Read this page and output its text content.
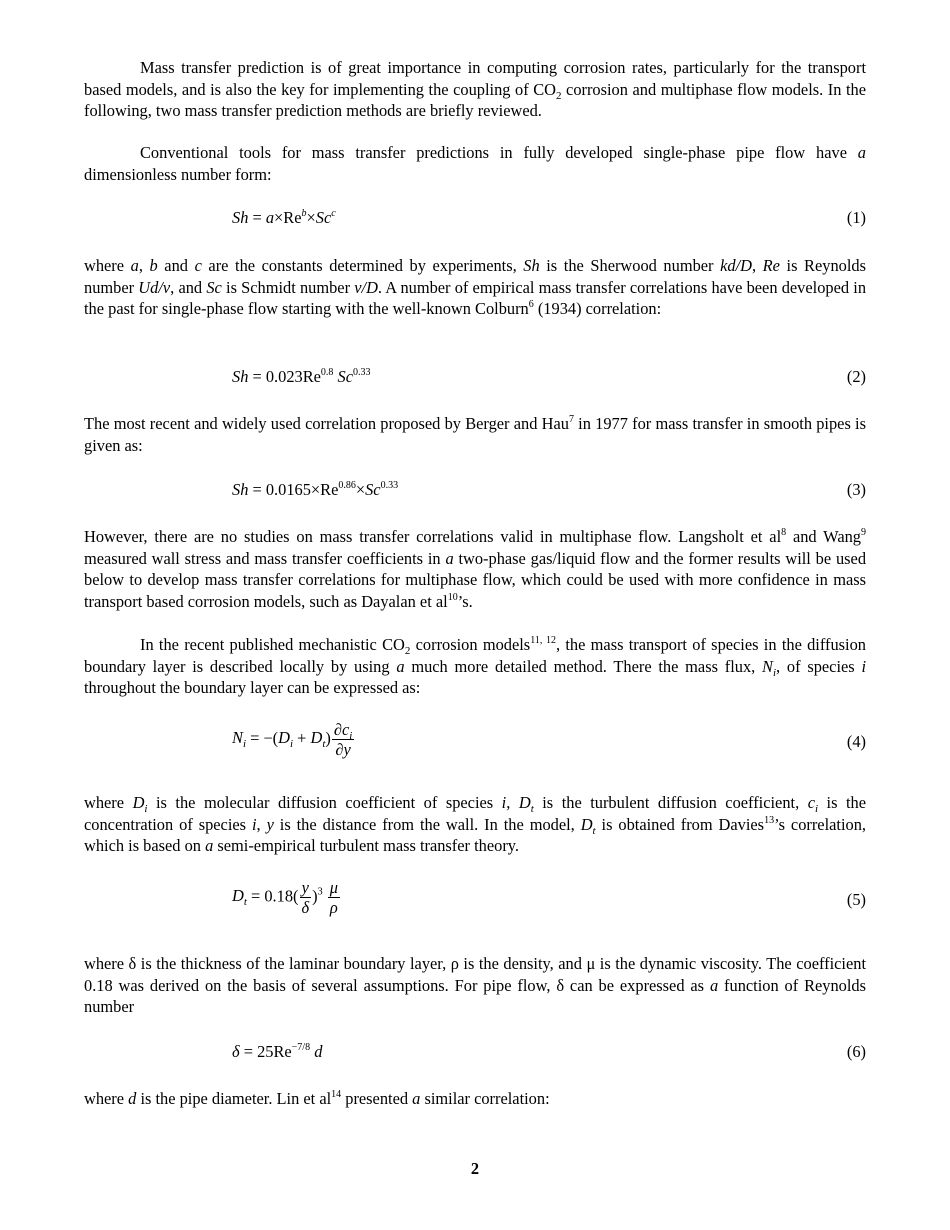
Mass transfer prediction is of great importance in computing corrosion rates, particularly for the transport based models, and is also the key for implementing the coupling of $CO_2$ corrosion and multiphase flow models. In the following, two mass transfer prediction methods are briefly reviewed.

Conventional tools for mass transfer predictions in fully developed single-phase pipe flow have a dimensionless number form:

$Sh = a\times Re^b\times Sc^c$	(1)

where a, b and c are the constants determined by experiments, Sh is the Sherwood number kd/D, Re is Reynolds number Ud/ν, and Sc is Schmidt number ν/D. A number of empirical mass transfer correlations have been developed in the past for single-phase flow starting with the well-known Colburn$^6$ (1934) correlation:

$Sh = 0.023Re^{0.8}$ $Sc^{0.33}$	(2)

The most recent and widely used correlation proposed by Berger and Hau$^7$ in 1977 for mass transfer in smooth pipes is given as:

$Sh = 0.0165\times Re^{0.86}\times Sc^{0.33}$	(3)

However, there are no studies on mass transfer correlations valid in multiphase flow. Langsholt et $al^8$ and Wang$^9$ measured wall stress and mass transfer coefficients in a two-phase gas/liquid flow and the former results will be used below to develop mass transfer correlations for multiphase flow, which could be used with more confidence in mass transport based corrosion models, such as Dayalan et $al^{10}’s$.

In the recent published mechanistic $CO_2$ corrosion models$^{11, 12}$, the mass transport of species in the diffusion boundary layer is described locally by using a much more detailed method. There the mass flux, $N_i$, of species i throughout the boundary layer can be expressed as:

$N_i = -(D_i + D_t) \frac{\partial c_i}{\partial y}$	(4)

where $D_i$ is the molecular diffusion coefficient of species i, $D_t$ is the turbulent diffusion coefficient, $c_i$ is the concentration of species i, y is the distance from the wall. In the model, $D_t$ is obtained from Davies$^{13}$’s correlation, which is based on a semi-empirical turbulent mass transfer theory.

$D_t = 0.18( \frac{y}{\delta} )^3 \frac{\mu}{\rho}$	(5)

where δ is the thickness of the laminar boundary layer, ρ is the density, and μ is the dynamic viscosity. The coefficient 0.18 was derived on the basis of several assumptions. For pipe flow, δ can be expressed as a function of Reynolds number

$\delta = 25Re^{-7/8}$ d	(6)

where d is the pipe diameter. Lin et $al^{14}$ presented a similar correlation:

2
